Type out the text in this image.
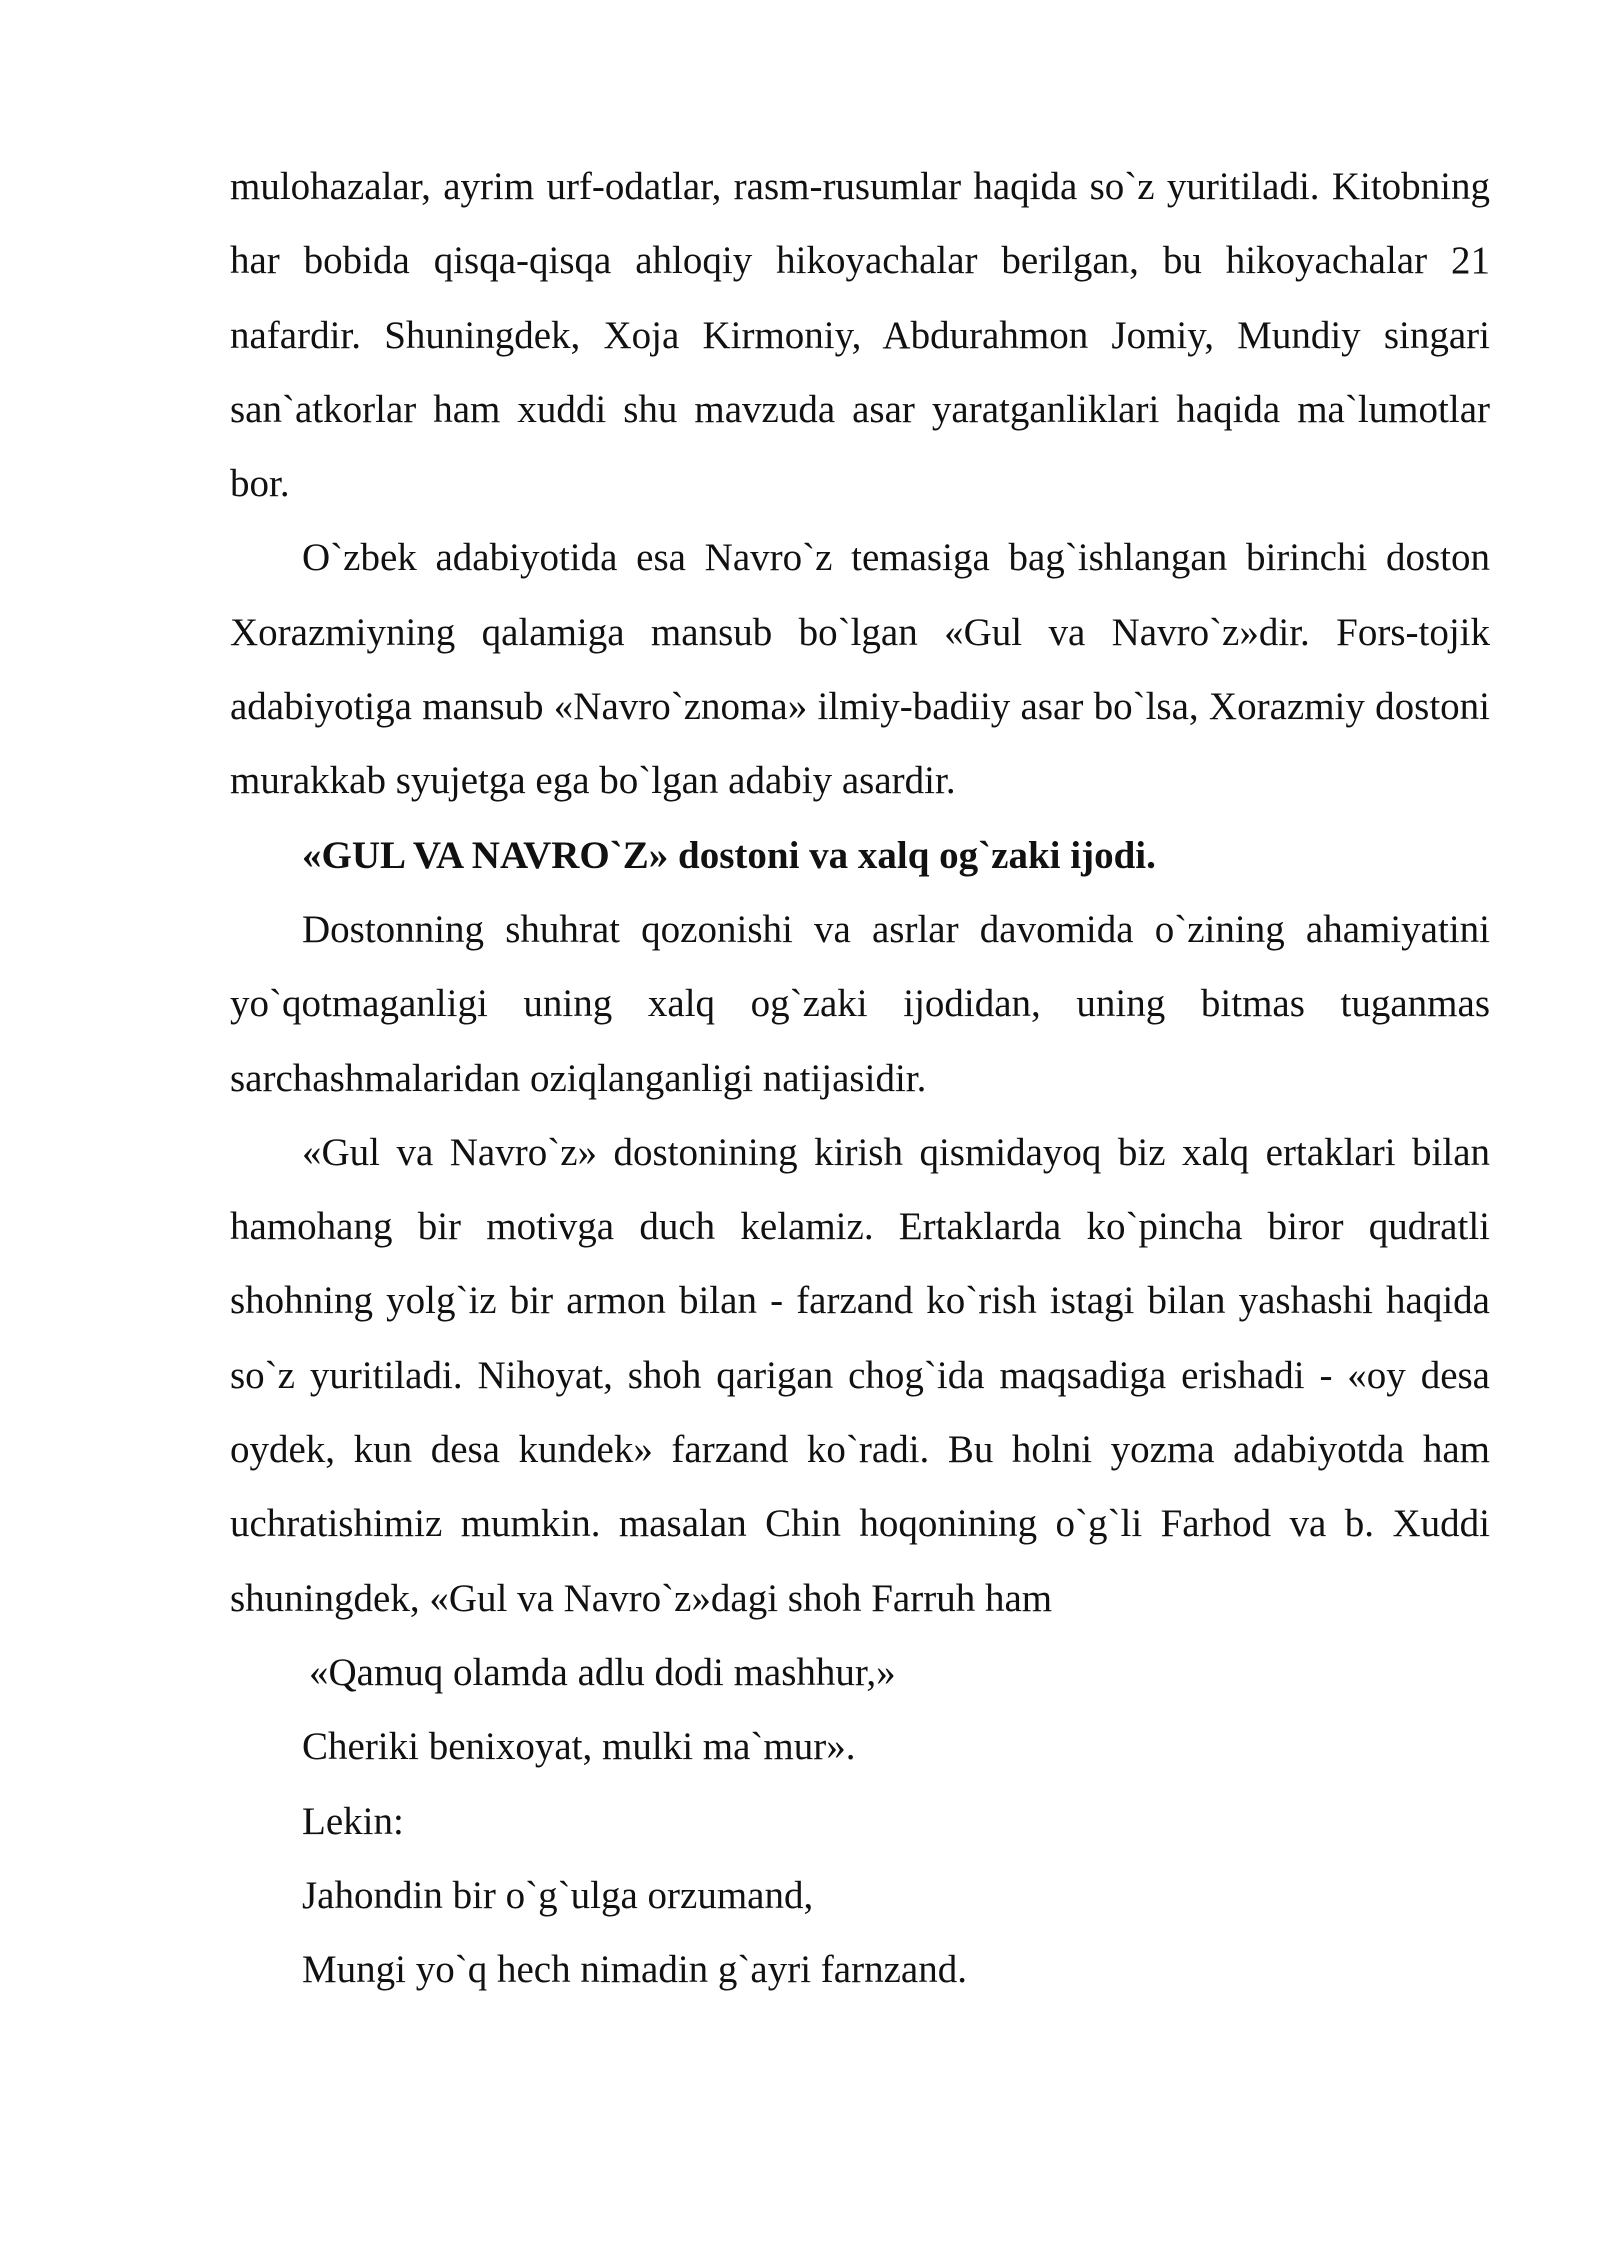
mulohazalar, ayrim urf-odatlar, rasm-rusumlar haqida so`z yuritiladi. Kitobning har bobida qisqa-qisqa ahloqiy hikoyachalar berilgan, bu hikoyachalar 21 nafardir. Shuningdek, Xoja Kirmoniy, Abdurahmon Jomiy, Mundiy singari san`atkorlar ham xuddi shu mavzuda asar yaratganliklari haqida ma`lumotlar bor.

O`zbek adabiyotida esa Navro`z temasiga bag`ishlangan birinchi doston Xorazmiyning qalamiga mansub bo`lgan «Gul va Navro`z»dir. Fors-tojik adabiyotiga mansub «Navro`znoma» ilmiy-badiiy asar bo`lsa, Xorazmiy dostoni murakkab syujetga ega bo`lgan adabiy asardir.

«GUL VA NAVRO`Z» dostoni va xalq og`zaki ijodi.

Dostonning shuhrat qozonishi va asrlar davomida o`zining ahamiyatini yo`qotmaganligi uning xalq og`zaki ijodidan, uning bitmas tuganmas sarchashmalaridan oziqlanganligi natijasidir.

«Gul va Navro`z» dostonining kirish qismidayoq biz xalq ertaklari bilan hamohang bir motivga duch kelamiz. Ertaklarda ko`pincha biror qudratli shohning yolg`iz bir armon bilan - farzand ko`rish istagi bilan yashashi haqida so`z yuritiladi. Nihoyat, shoh qarigan chog`ida maqsadiga erishadi - «oy desa oydek, kun desa kundek» farzand ko`radi. Bu holni yozma adabiyotda ham uchratishimiz mumkin. masalan Chin hoqonining o`g`li Farhod va b. Xuddi shuningdek, «Gul va Navro`z»dagi shoh Farruh ham

«Qamuq olamda adlu dodi mashhur,»

Cheriki benixoyat, mulki ma`mur».

Lekin:

Jahondin bir o`g`ulga orzumand,

Mungi yo`q hech nimadin g`ayri farnzand.
